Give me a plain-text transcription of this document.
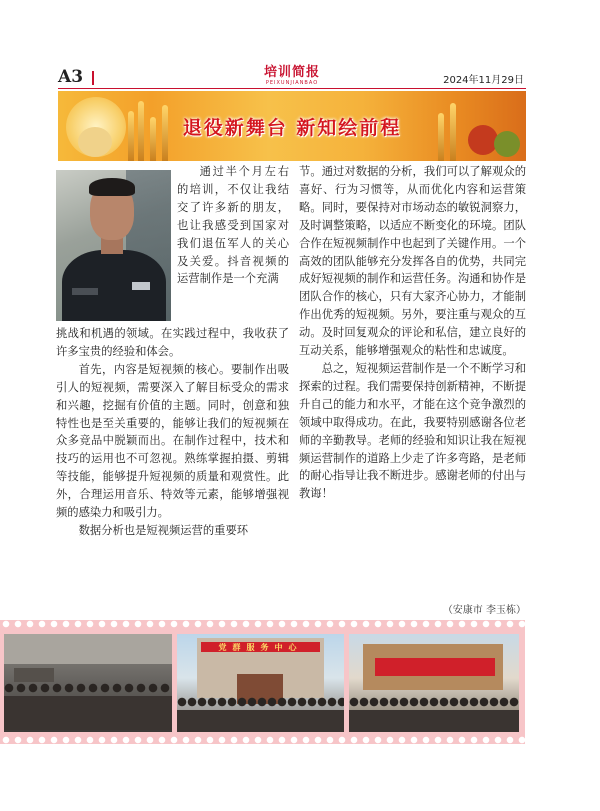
A3	培训简报
PEIXUNJIANBAO	2024年11月29日
退役新舞台 新知绘前程

通过半个月左右的培训，不仅让我结交了许多新的朋友，也让我感受到国家对我们退伍军人的关心及关爱。抖音视频的运营制作是一个充满

挑战和机遇的领域。在实践过程中，我收获了许多宝贵的经验和体会。

首先，内容是短视频的核心。要制作出吸引人的短视频，需要深入了解目标受众的需求和兴趣，挖掘有价值的主题。同时，创意和独特性也是至关重要的，能够让我们的短视频在众多竞品中脱颖而出。在制作过程中，技术和技巧的运用也不可忽视。熟练掌握拍摄、剪辑等技能，能够提升短视频的质量和观赏性。此外，合理运用音乐、特效等元素，能够增强视频的感染力和吸引力。

数据分析也是短视频运营的重要环

节。通过对数据的分析，我们可以了解观众的喜好、行为习惯等，从而优化内容和运营策略。同时，要保持对市场动态的敏锐洞察力，及时调整策略，以适应不断变化的环境。团队合作在短视频制作中也起到了关键作用。一个高效的团队能够充分发挥各自的优势，共同完成好短视频的制作和运营任务。沟通和协作是团队合作的核心，只有大家齐心协力，才能制作出优秀的短视频。另外，要注重与观众的互动。及时回复观众的评论和私信，建立良好的互动关系，能够增强观众的粘性和忠诚度。

总之，短视频运营制作是一个不断学习和探索的过程。我们需要保持创新精神，不断提升自己的能力和水平，才能在这个竞争激烈的领域中取得成功。在此，我要特别感谢各位老师的辛勤教导。老师的经验和知识让我在短视频运营制作的道路上少走了许多弯路，是老师的耐心指导让我不断进步。感谢老师的付出与教诲！

（安康市 李玉栋）
党群服务中心
